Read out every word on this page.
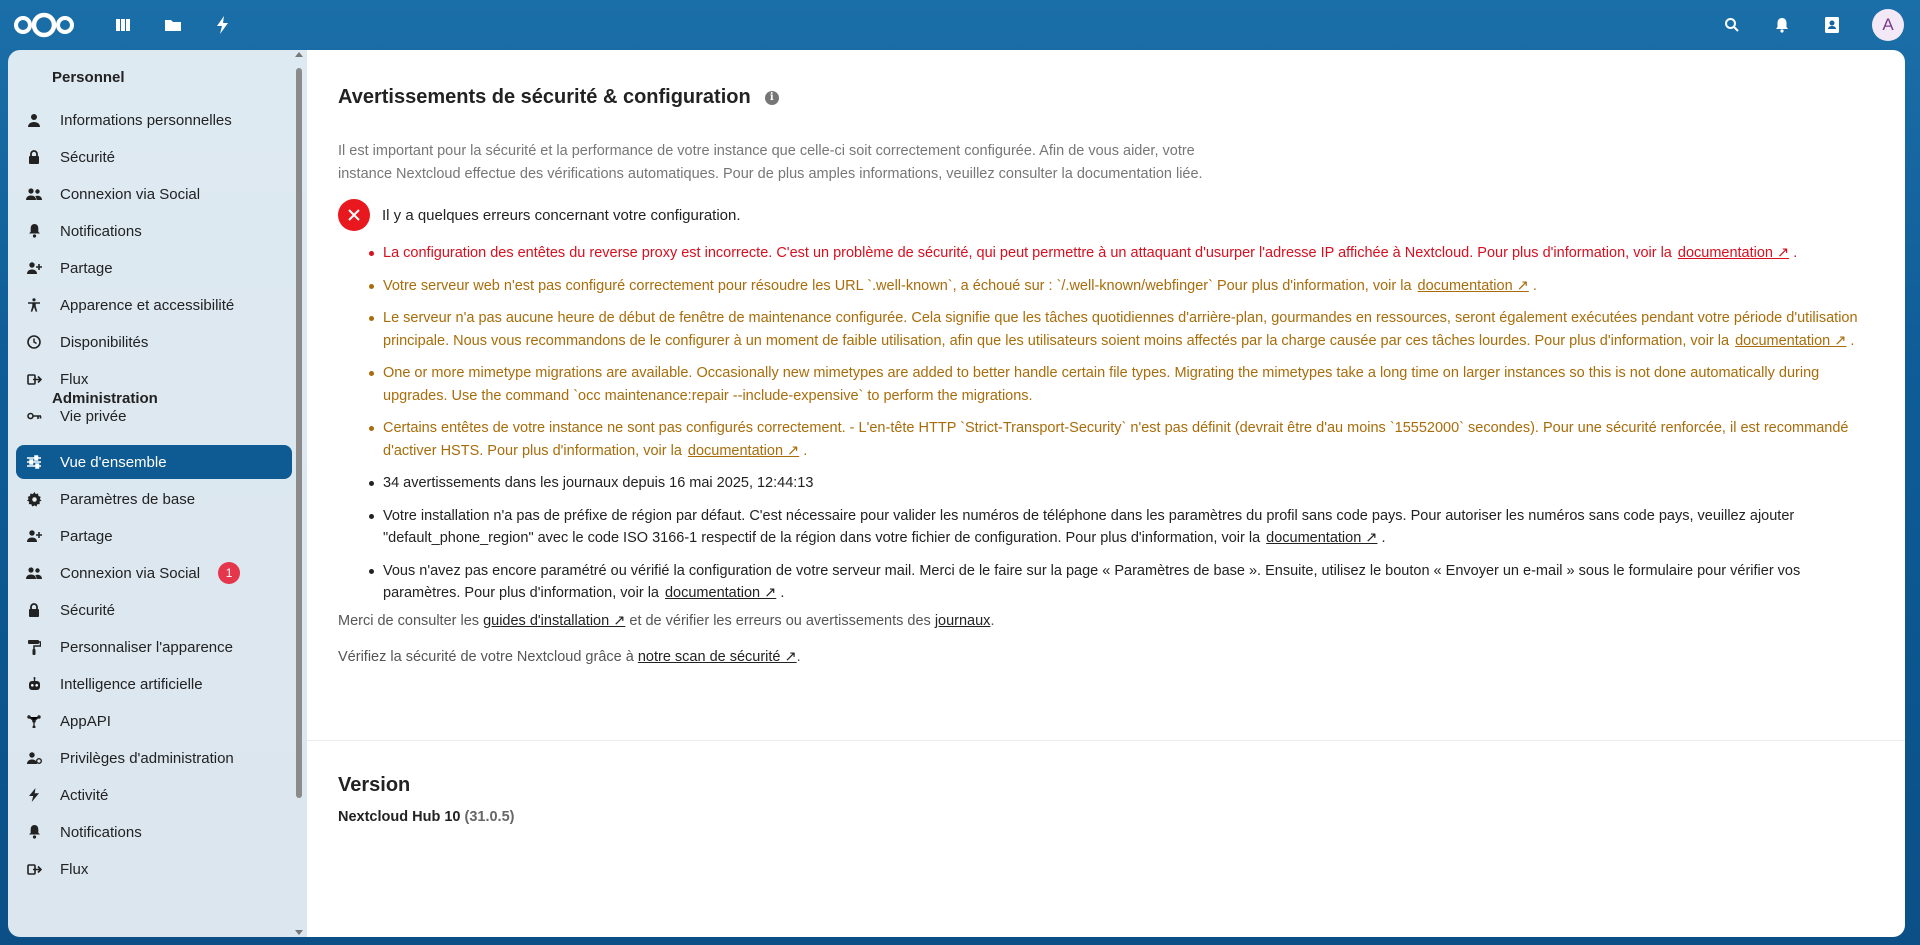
A
Personnel
Administration
Informations personnelles
Sécurité
Connexion via Social
Notifications
Partage
Apparence et accessibilité
Disponibilités
Flux
Vie privée
Vue d'ensemble
Paramètres de base
Partage
Connexion via Social	1
Sécurité
Personnaliser l'apparence
Intelligence artificielle
AppAPI
Privilèges d'administration
Activité
Notifications
Flux
Avertissements de sécurité & configuration	i
Il est important pour la sécurité et la performance de votre instance que celle-ci soit correctement configurée. Afin de vous aider, votre instance Nextcloud effectue des vérifications automatiques. Pour de plus amples informations, veuillez consulter la documentation liée.
Il y a quelques erreurs concernant votre configuration.
La configuration des entêtes du reverse proxy est incorrecte. C'est un problème de sécurité, qui peut permettre à un attaquant d'usurper l'adresse IP affichée à Nextcloud. Pour plus d'information, voir la documentation ↗ .
Votre serveur web n'est pas configuré correctement pour résoudre les URL `.well-known`, a échoué sur : `/.well-known/webfinger` Pour plus d'information, voir la documentation ↗ .
Le serveur n'a pas aucune heure de début de fenêtre de maintenance configurée. Cela signifie que les tâches quotidiennes d'arrière-plan, gourmandes en ressources, seront également exécutées pendant votre période d'utilisation principale. Nous vous recommandons de le configurer à un moment de faible utilisation, afin que les utilisateurs soient moins affectés par la charge causée par ces tâches lourdes. Pour plus d'information, voir la documentation ↗ .
One or more mimetype migrations are available. Occasionally new mimetypes are added to better handle certain file types. Migrating the mimetypes take a long time on larger instances so this is not done automatically during upgrades. Use the command `occ maintenance:repair --include-expensive` to perform the migrations.
Certains entêtes de votre instance ne sont pas configurés correctement. - L'en-tête HTTP `Strict-Transport-Security` n'est pas définit (devrait être d'au moins `15552000` secondes). Pour une sécurité renforcée, il est recommandé d'activer HSTS. Pour plus d'information, voir la documentation ↗ .
34 avertissements dans les journaux depuis 16 mai 2025, 12:44:13
Votre installation n'a pas de préfixe de région par défaut. C'est nécessaire pour valider les numéros de téléphone dans les paramètres du profil sans code pays. Pour autoriser les numéros sans code pays, veuillez ajouter "default_phone_region" avec le code ISO 3166-1 respectif de la région dans votre fichier de configuration. Pour plus d'information, voir la documentation ↗ .
Vous n'avez pas encore paramétré ou vérifié la configuration de votre serveur mail. Merci de le faire sur la page « Paramètres de base ». Ensuite, utilisez le bouton « Envoyer un e-mail » sous le formulaire pour vérifier vos paramètres. Pour plus d'information, voir la documentation ↗ .
Merci de consulter les guides d'installation ↗ et de vérifier les erreurs ou avertissements des journaux.
Vérifiez la sécurité de votre Nextcloud grâce à notre scan de sécurité ↗.
Version
Nextcloud Hub 10 (31.0.5)
